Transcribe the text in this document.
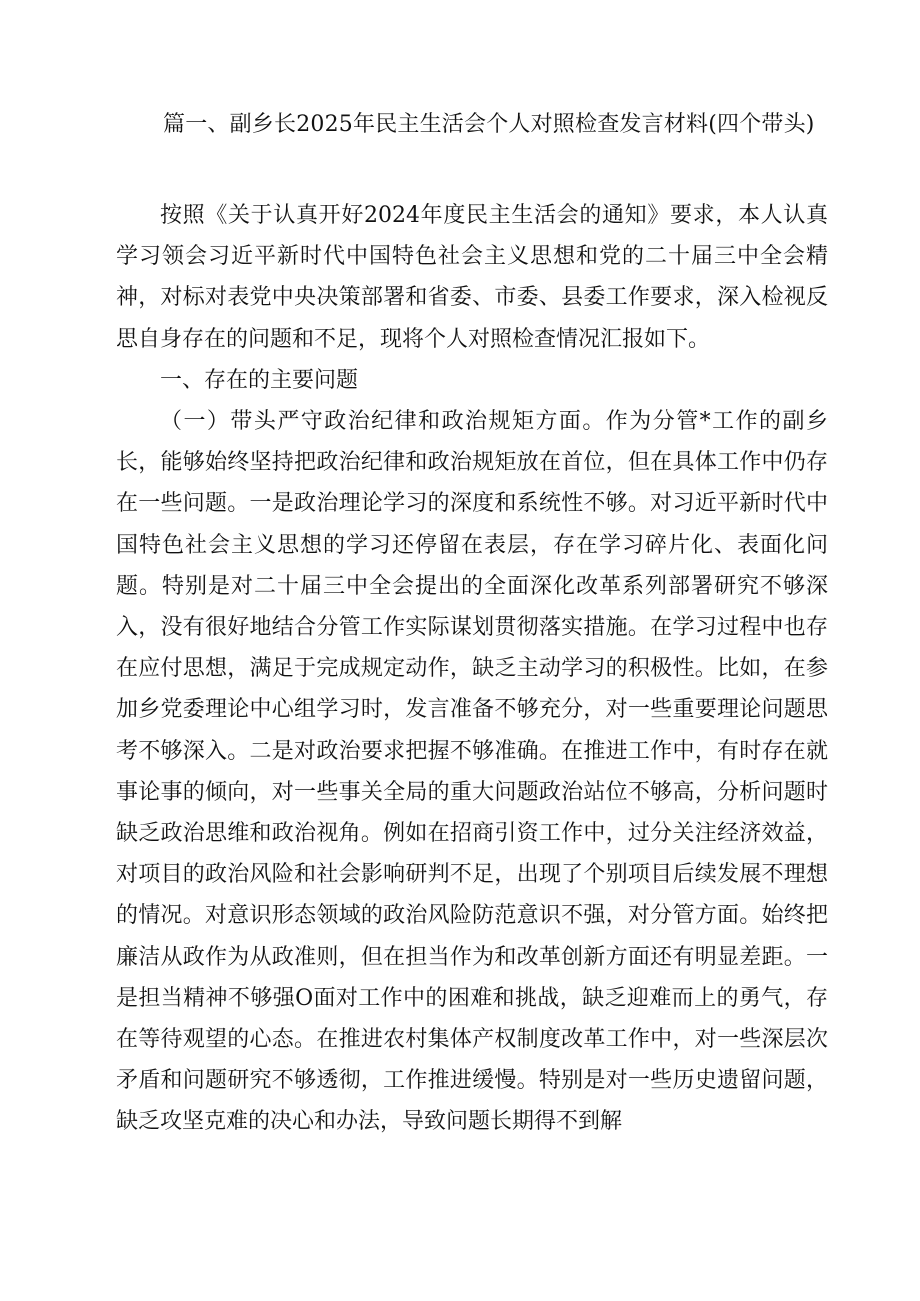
篇一、副乡长2025年民主生活会个人对照检查发言材料(四个带头)

按照《关于认真开好2024年度民主生活会的通知》要求，本人认真学习领会习近平新时代中国特色社会主义思想和党的二十届三中全会精神，对标对表党中央决策部署和省委、市委、县委工作要求，深入检视反思自身存在的问题和不足，现将个人对照检查情况汇报如下。

一、存在的主要问题

（一）带头严守政治纪律和政治规矩方面。作为分管*工作的副乡长，能够始终坚持把政治纪律和政治规矩放在首位，但在具体工作中仍存在一些问题。一是政治理论学习的深度和系统性不够。对习近平新时代中国特色社会主义思想的学习还停留在表层，存在学习碎片化、表面化问题。特别是对二十届三中全会提出的全面深化改革系列部署研究不够深入，没有很好地结合分管工作实际谋划贯彻落实措施。在学习过程中也存在应付思想，满足于完成规定动作，缺乏主动学习的积极性。比如，在参加乡党委理论中心组学习时，发言准备不够充分，对一些重要理论问题思考不够深入。二是对政治要求把握不够准确。在推进工作中，有时存在就事论事的倾向，对一些事关全局的重大问题政治站位不够高，分析问题时缺乏政治思维和政治视角。例如在招商引资工作中，过分关注经济效益，对项目的政治风险和社会影响研判不足，出现了个别项目后续发展不理想的情况。对意识形态领域的政治风险防范意识不强，对分管方面。始终把廉洁从政作为从政准则，但在担当作为和改革创新方面还有明显差距。一是担当精神不够强O面对工作中的困难和挑战，缺乏迎难而上的勇气，存在等待观望的心态。在推进农村集体产权制度改革工作中，对一些深层次矛盾和问题研究不够透彻，工作推进缓慢。特别是对一些历史遗留问题，缺乏攻坚克难的决心和办法，导致问题长期得不到解
